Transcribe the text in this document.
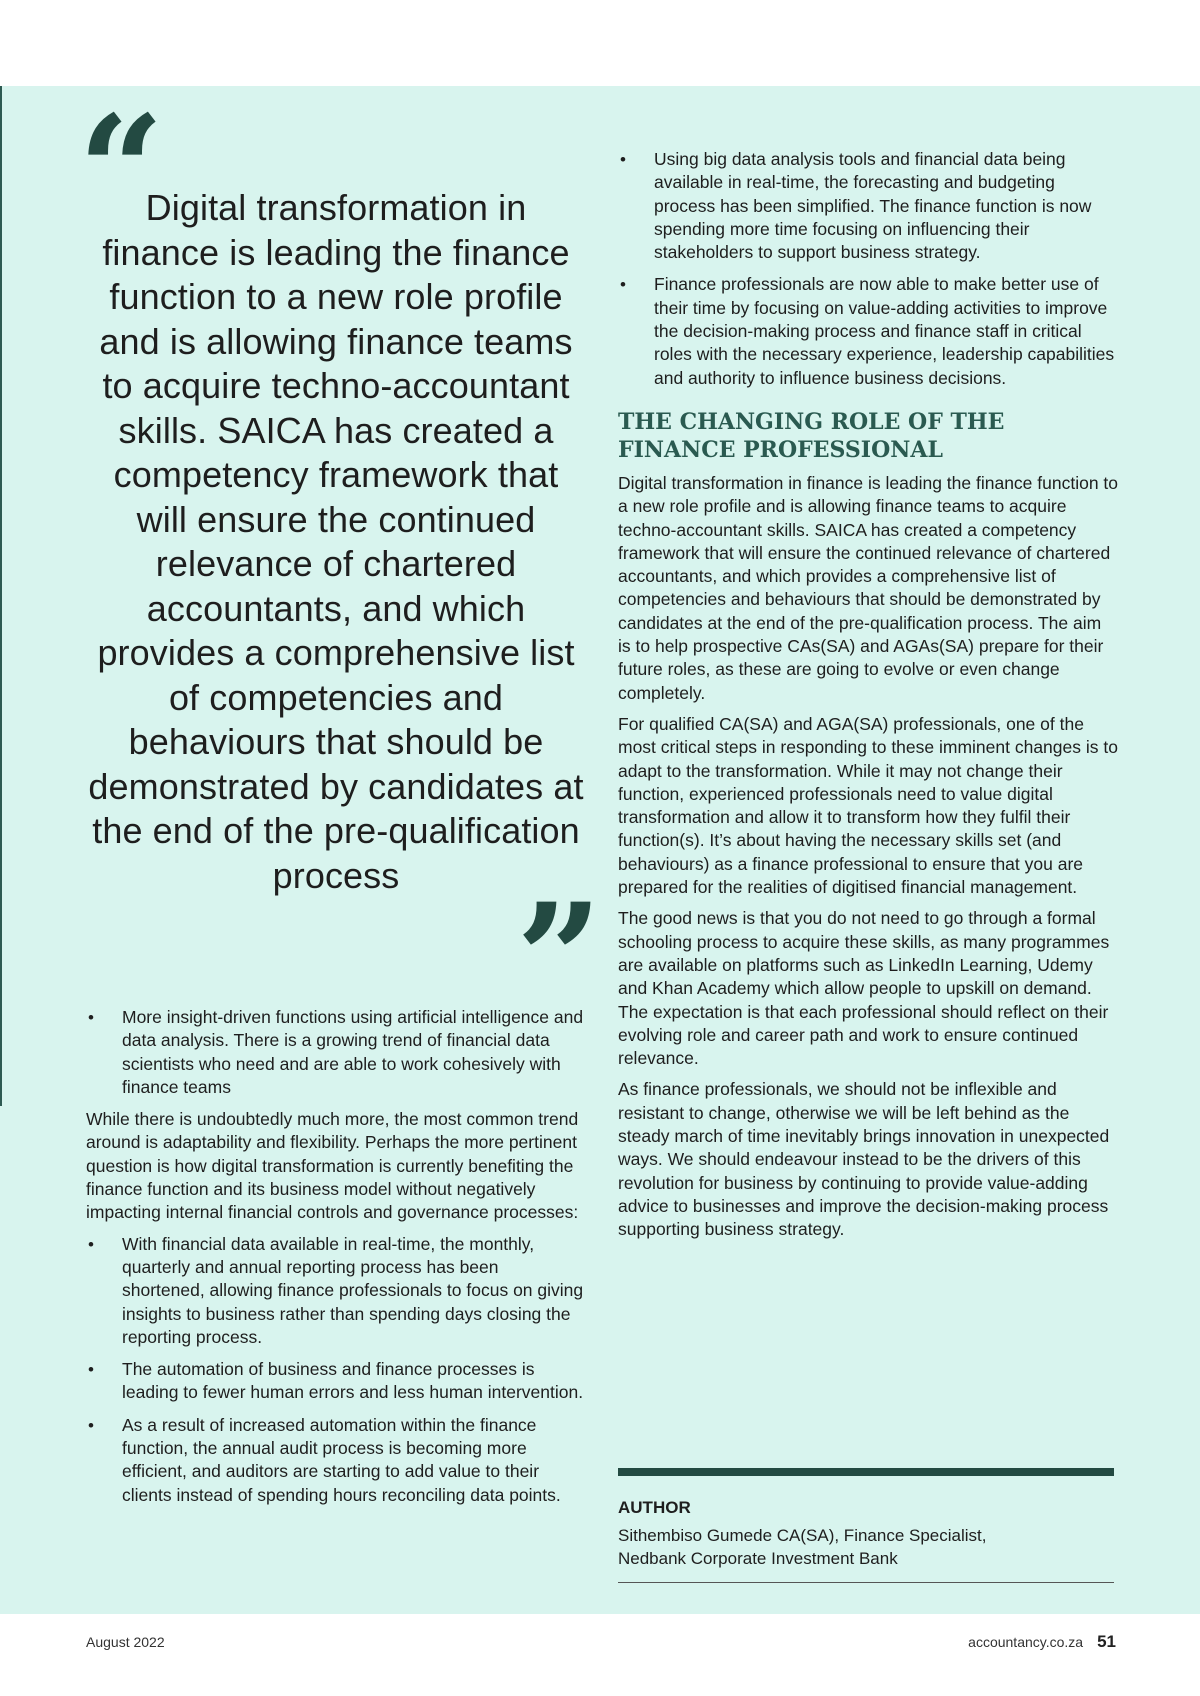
“
Digital transformation in finance is leading the finance function to a new role profile and is allowing finance teams to acquire techno-accountant skills. SAICA has created a competency framework that will ensure the continued relevance of chartered accountants, and which provides a comprehensive list of competencies and behaviours that should be demonstrated by candidates at the end of the pre-qualification process ”
• More insight-driven functions using artificial intelligence and data analysis. There is a growing trend of financial data scientists who need and are able to work cohesively with finance teams

While there is undoubtedly much more, the most common trend around is adaptability and flexibility. Perhaps the more pertinent question is how digital transformation is currently benefiting the finance function and its business model without negatively impacting internal financial controls and governance processes:

• With financial data available in real-time, the monthly, quarterly and annual reporting process has been shortened, allowing finance professionals to focus on giving insights to business rather than spending days closing the reporting process.
• The automation of business and finance processes is leading to fewer human errors and less human intervention.
• As a result of increased automation within the finance function, the annual audit process is becoming more efficient, and auditors are starting to add value to their clients instead of spending hours reconciling data points.
• Using big data analysis tools and financial data being available in real-time, the forecasting and budgeting process has been simplified. The finance function is now spending more time focusing on influencing their stakeholders to support business strategy.
• Finance professionals are now able to make better use of their time by focusing on value-adding activities to improve the decision-making process and finance staff in critical roles with the necessary experience, leadership capabilities and authority to influence business decisions.
THE CHANGING ROLE OF THE
FINANCE PROFESSIONAL

Digital transformation in finance is leading the finance function to a new role profile and is allowing finance teams to acquire techno-accountant skills. SAICA has created a competency framework that will ensure the continued relevance of chartered accountants, and which provides a comprehensive list of competencies and behaviours that should be demonstrated by candidates at the end of the pre-qualification process. The aim is to help prospective CAs(SA) and AGAs(SA) prepare for their future roles, as these are going to evolve or even change completely.

For qualified CA(SA) and AGA(SA) professionals, one of the most critical steps in responding to these imminent changes is to adapt to the transformation. While it may not change their function, experienced professionals need to value digital transformation and allow it to transform how they fulfil their function(s). It’s about having the necessary skills set (and behaviours) as a finance professional to ensure that you are prepared for the realities of digitised financial management.

The good news is that you do not need to go through a formal schooling process to acquire these skills, as many programmes are available on platforms such as LinkedIn Learning, Udemy and Khan Academy which allow people to upskill on demand. The expectation is that each professional should reflect on their evolving role and career path and work to ensure continued relevance.

As finance professionals, we should not be inflexible and resistant to change, otherwise we will be left behind as the steady march of time inevitably brings innovation in unexpected ways. We should endeavour instead to be the drivers of this revolution for business by continuing to provide value-adding advice to businesses and improve the decision-making process supporting business strategy.

AUTHOR
Sithembiso Gumede CA(SA), Finance Specialist,
Nedbank Corporate Investment Bank
August 2022	accountancy.co.za 51
